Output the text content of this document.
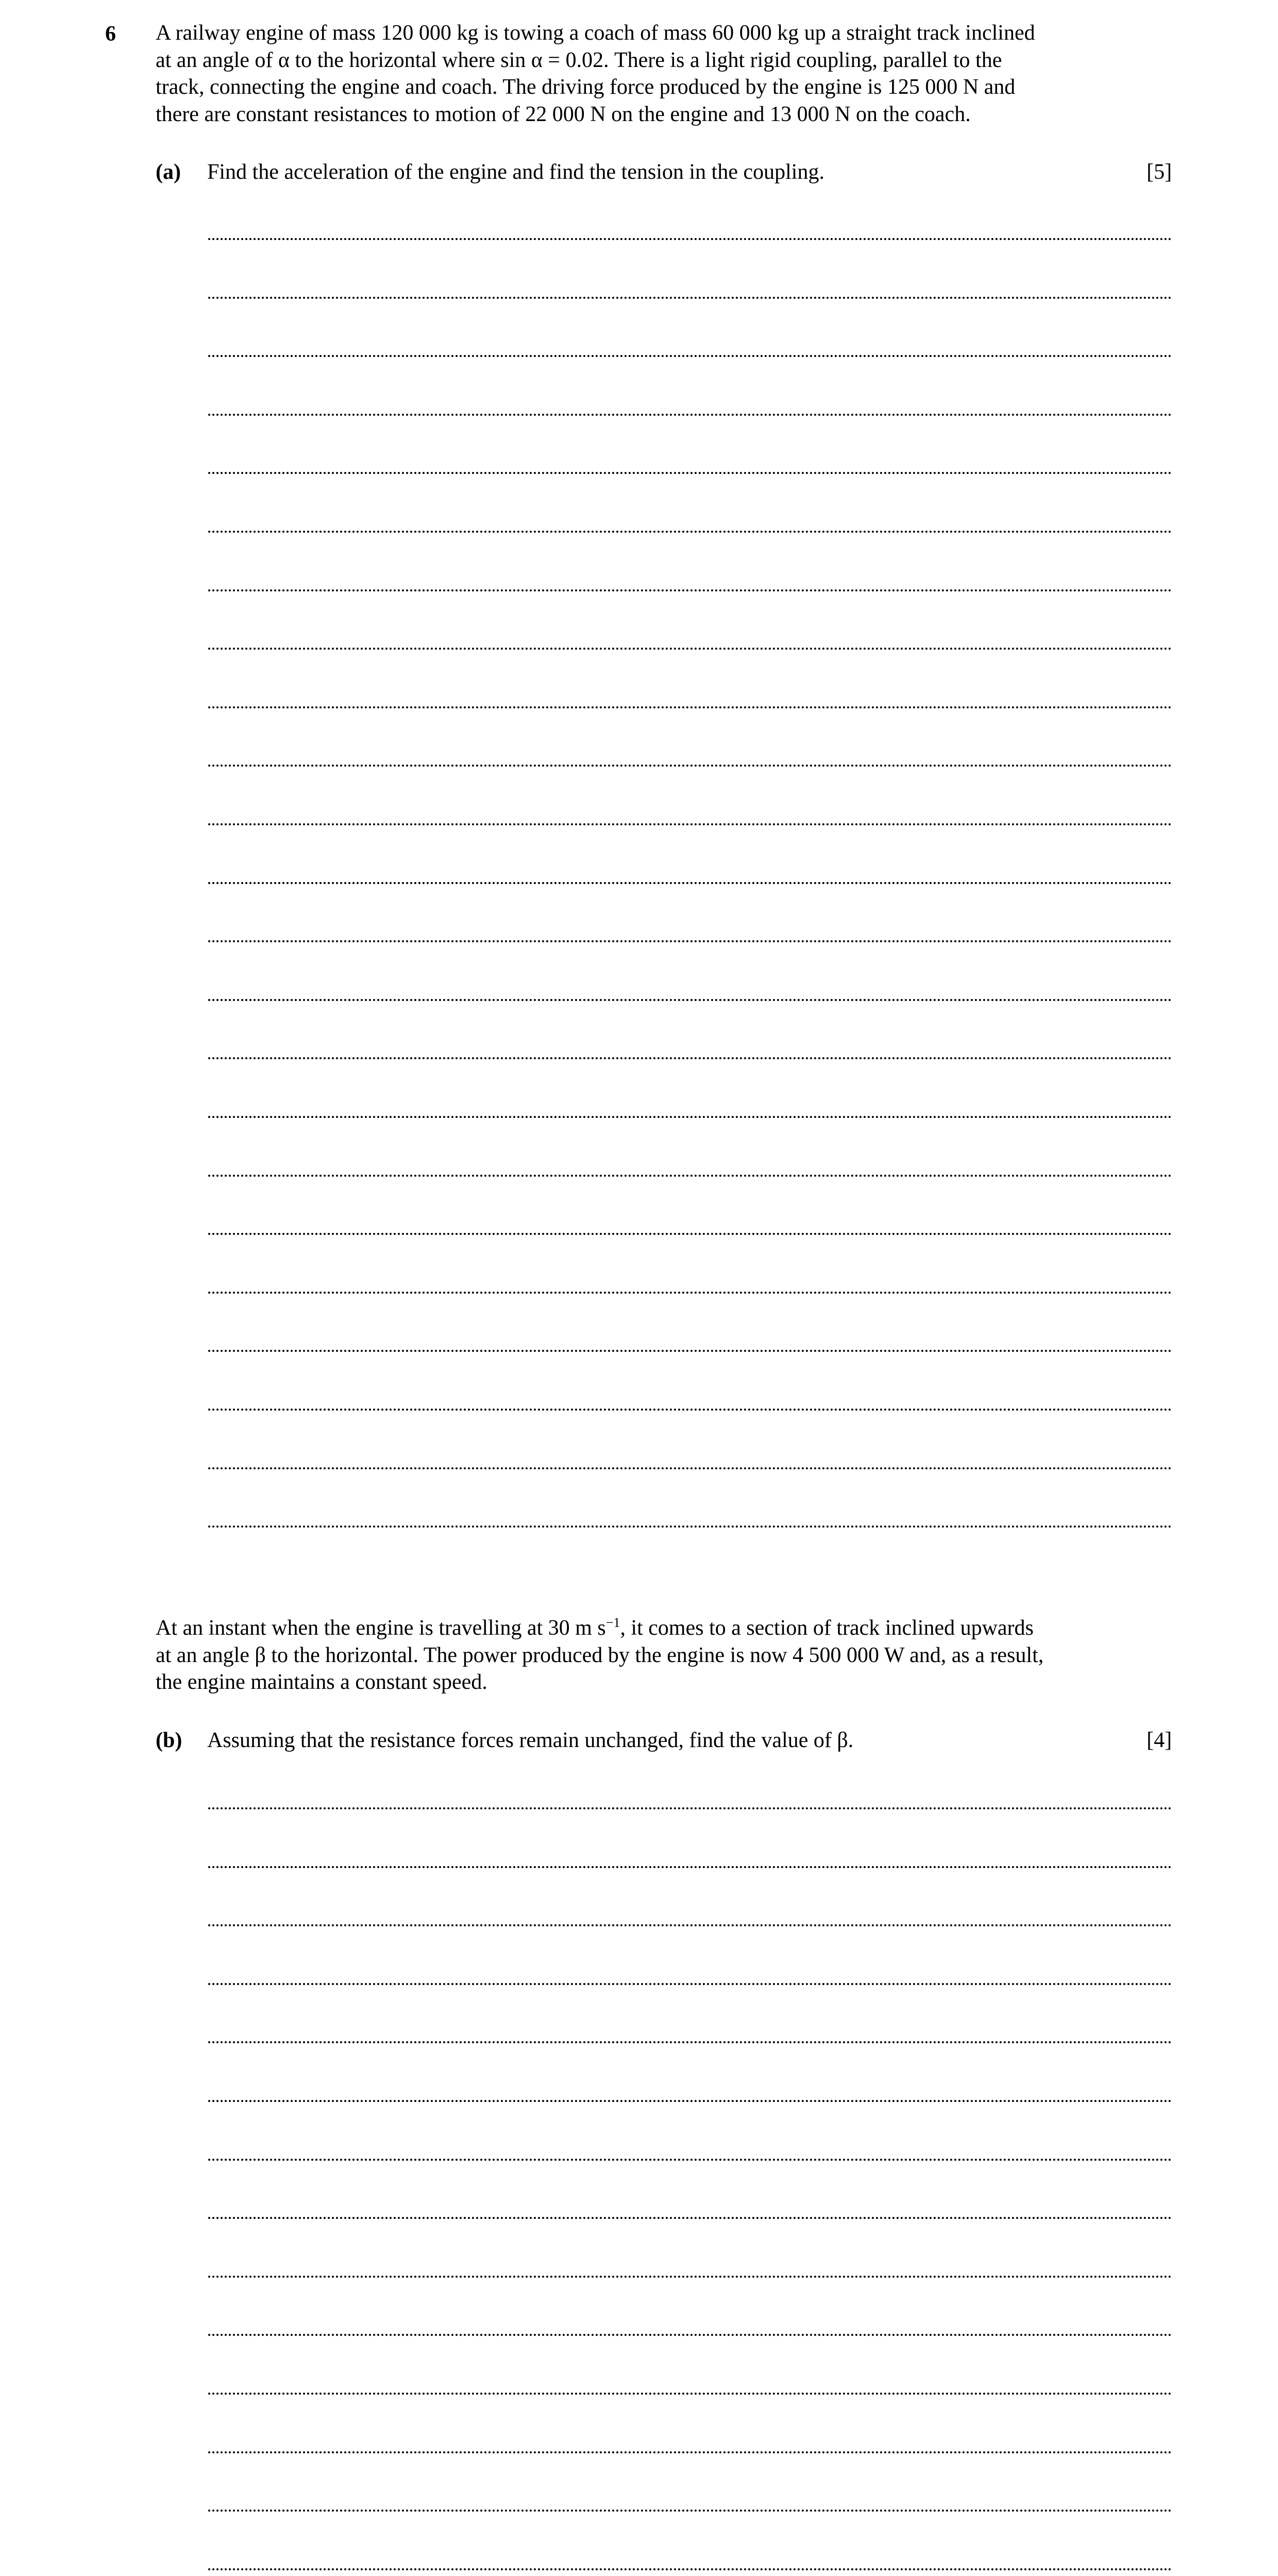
6 A railway engine of mass 120 000 kg is towing a coach of mass 60 000 kg up a straight track inclined
at an angle of α to the horizontal where sin α = 0.02. There is a light rigid coupling, parallel to the
track, connecting the engine and coach. The driving force produced by the engine is 125 000 N and
there are constant resistances to motion of 22 000 N on the engine and 13 000 N on the coach.
(a) Find the acceleration of the engine and find the tension in the coupling.	[5]
At an instant when the engine is travelling at 30 m $s^{-1}$, it comes to a section of track inclined upwards
at an angle β to the horizontal. The power produced by the engine is now 4 500 000 W and, as a result,
the engine maintains a constant speed.
(b) Assuming that the resistance forces remain unchanged, find the value of β.	[4]
